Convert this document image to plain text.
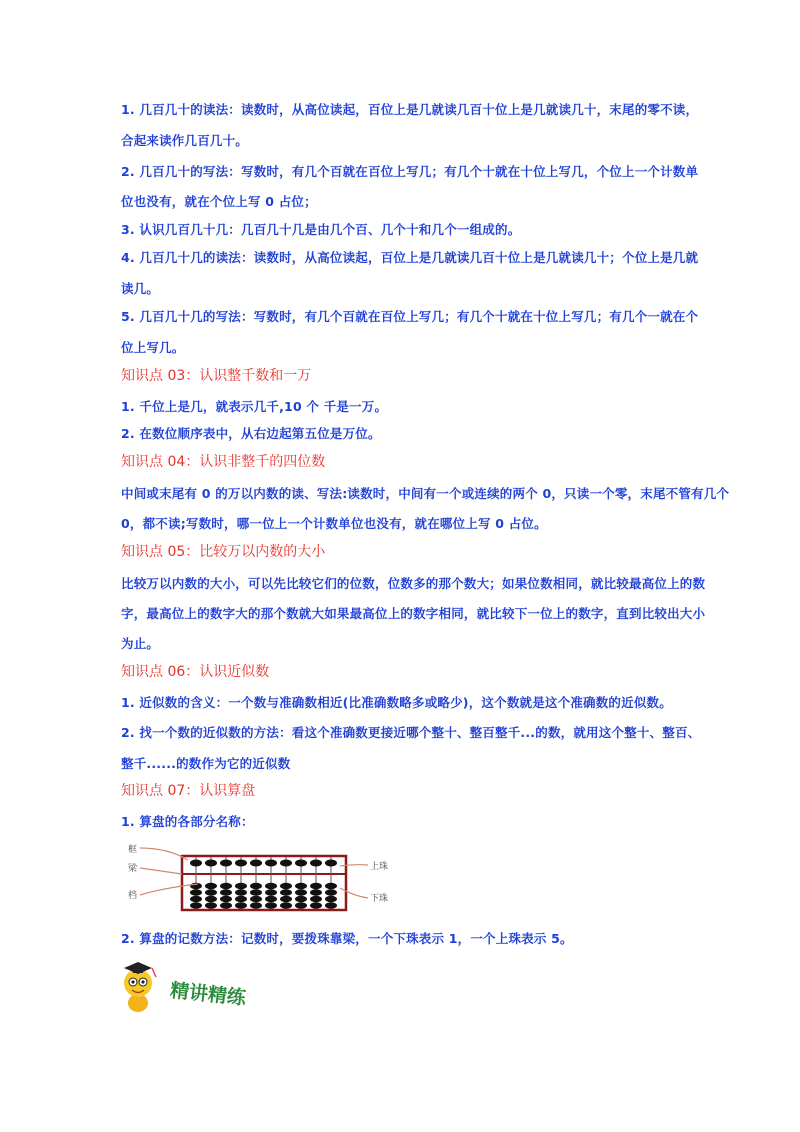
1. 几百几十的读法：读数时，从高位读起，百位上是几就读几百十位上是几就读几十，末尾的零不读，
合起来读作几百几十。
2. 几百几十的写法：写数时，有几个百就在百位上写几；有几个十就在十位上写几，个位上一个计数单
位也没有，就在个位上写 0 占位；
3. 认识几百几十几：几百几十几是由几个百、几个十和几个一组成的。
4. 几百几十几的读法：读数时，从高位读起，百位上是几就读几百十位上是几就读几十；个位上是几就
读几。
5. 几百几十几的写法：写数时，有几个百就在百位上写几；有几个十就在十位上写几；有几个一就在个
位上写几。
知识点 03：认识整千数和一万
1. 千位上是几，就表示几千,10 个 千是一万。
2. 在数位顺序表中，从右边起第五位是万位。
知识点 04：认识非整千的四位数
中间或末尾有 0 的万以内数的读、写法:读数时，中间有一个或连续的两个 0，只读一个零，末尾不管有几个
0，都不读;写数时，哪一位上一个计数单位也没有，就在哪位上写 0 占位。
知识点 05：比较万以内数的大小
比较万以内数的大小，可以先比较它们的位数，位数多的那个数大；如果位数相同，就比较最高位上的数
字，最高位上的数字大的那个数就大如果最高位上的数字相同，就比较下一位上的数字，直到比较出大小
为止。
知识点 06：认识近似数
1. 近似数的含义：一个数与准确数相近(比准确数略多或略少)，这个数就是这个准确数的近似数。
2. 找一个数的近似数的方法：看这个准确数更接近哪个整十、整百整千...的数，就用这个整十、整百、
整千......的数作为它的近似数
知识点 07：认识算盘
1. 算盘的各部分名称：
框
梁
档
上珠
下珠
2. 算盘的记数方法：记数时，要拨珠靠梁，一个下珠表示 1，一个上珠表示 5。
精讲精练
